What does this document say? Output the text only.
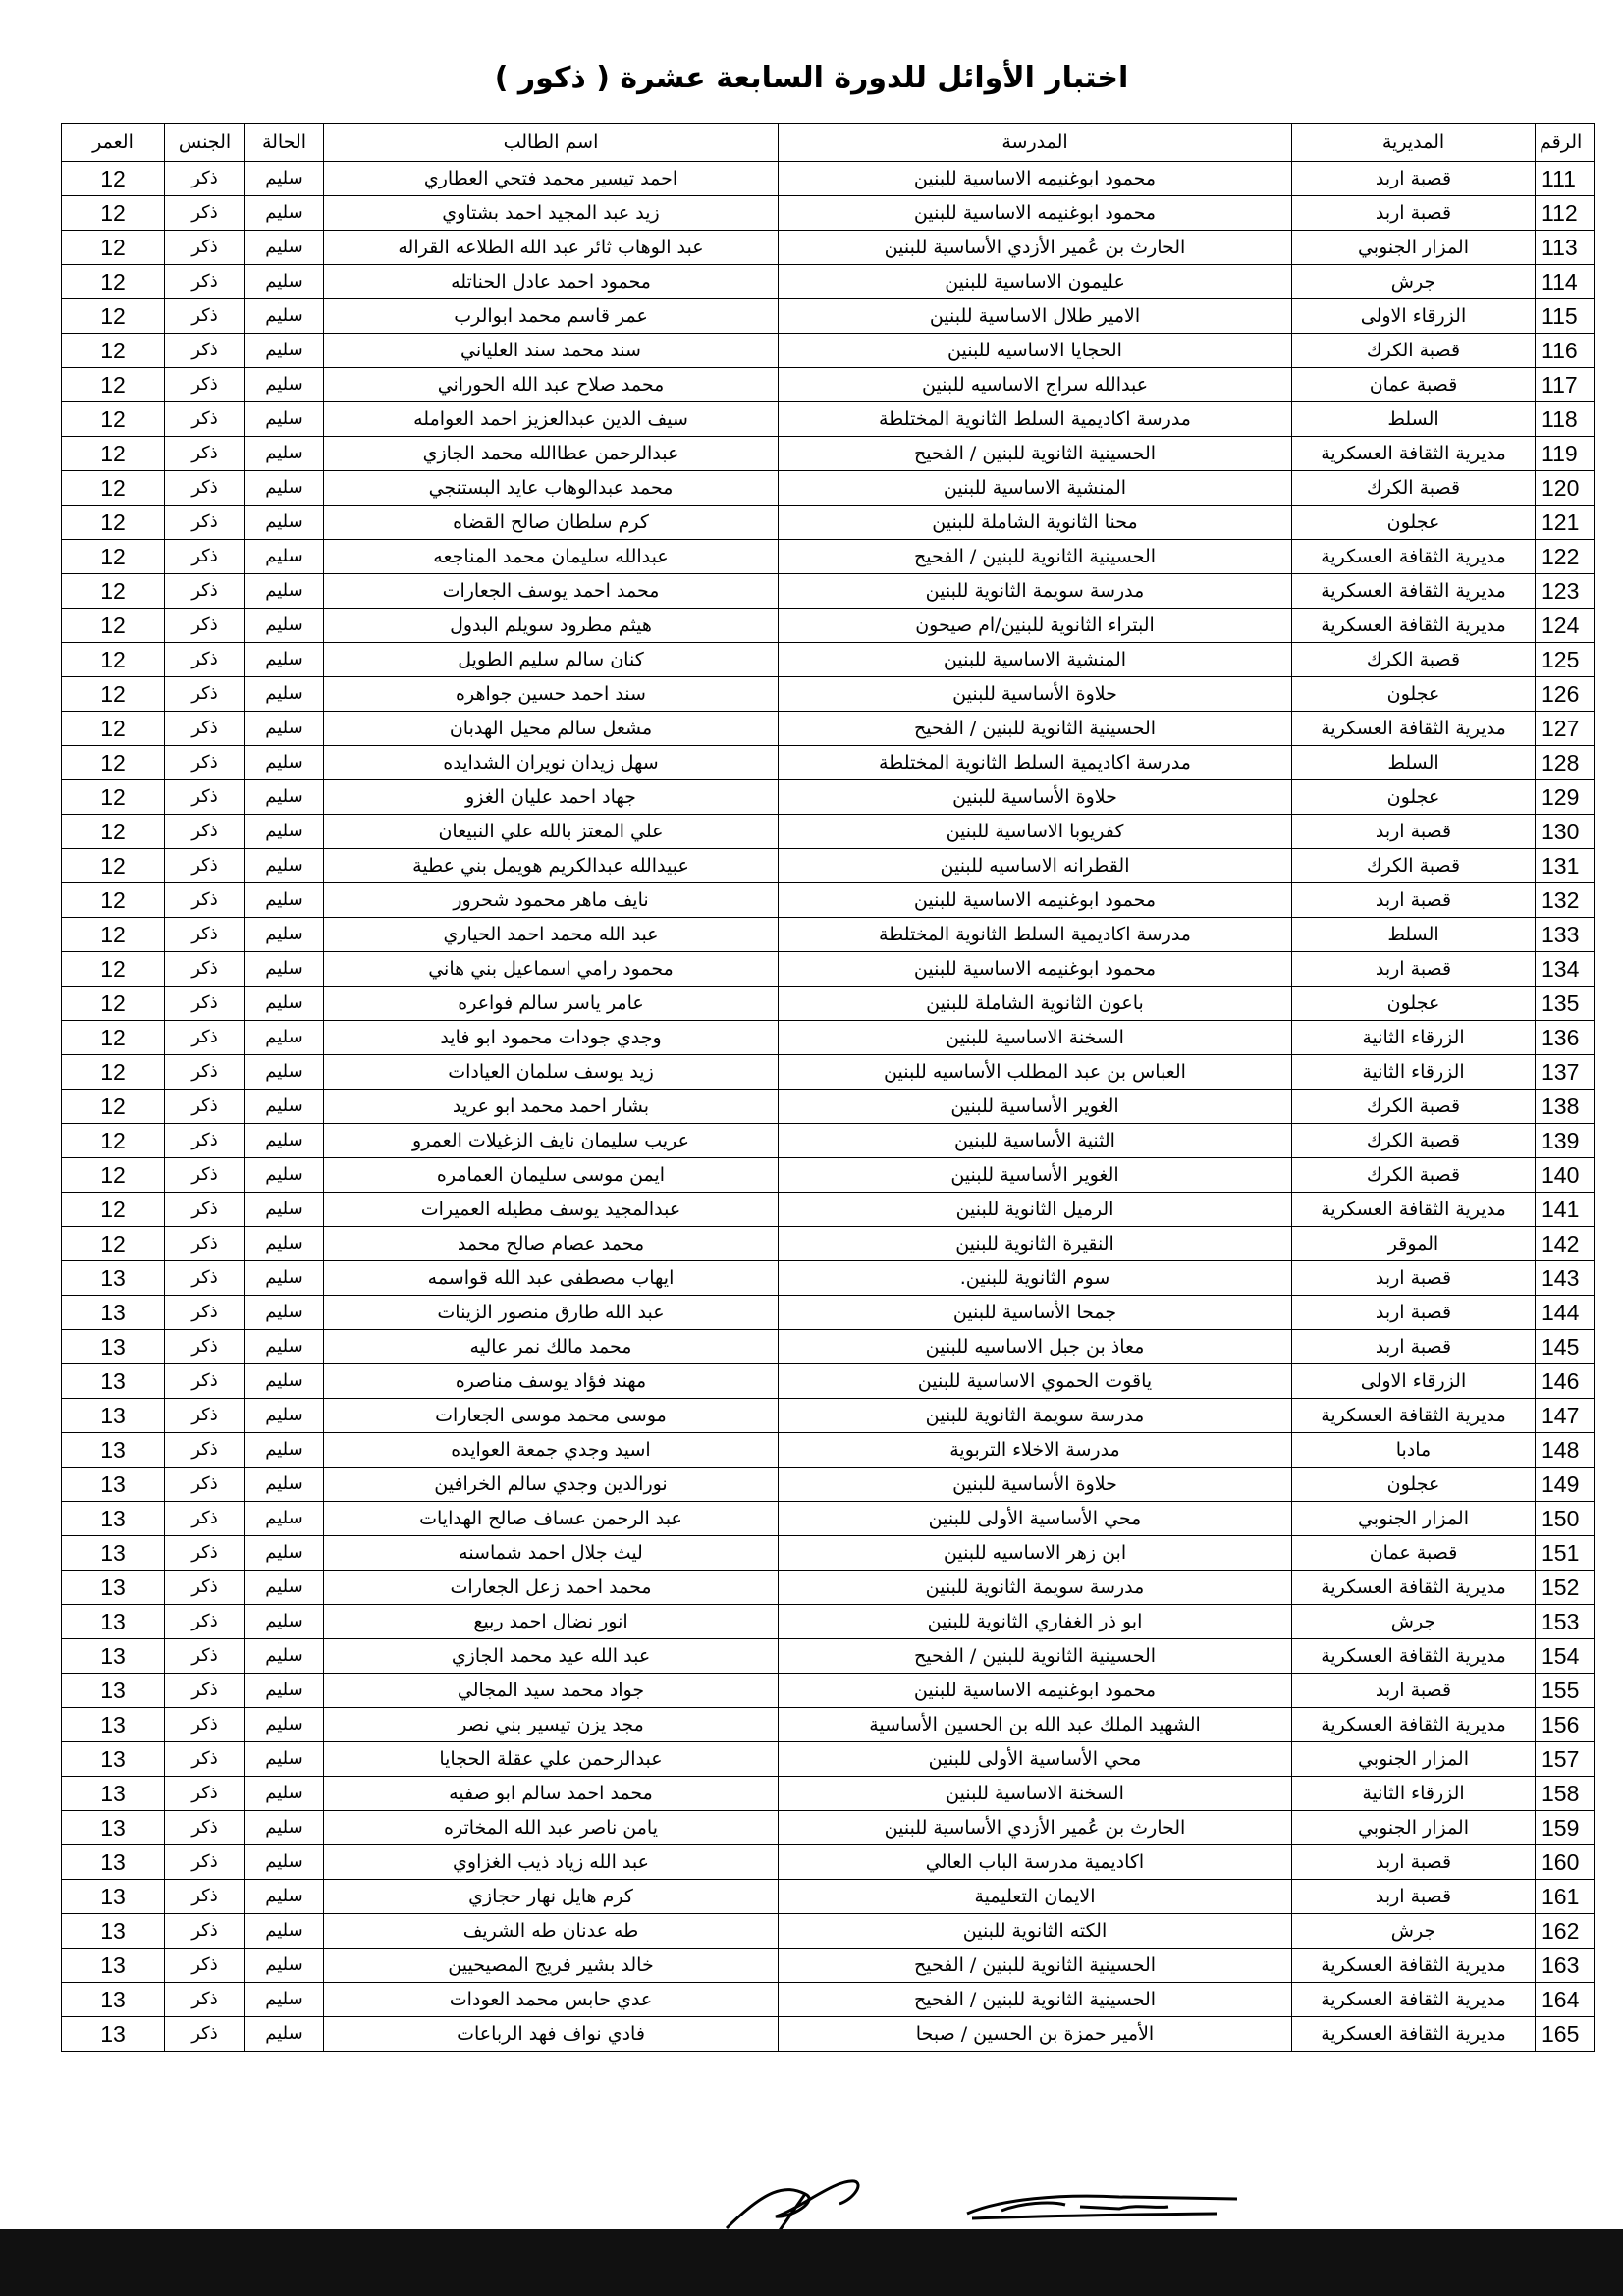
اختبار الأوائل للدورة السابعة عشرة ( ذكور )
الرقم	المديرية	المدرسة	اسم الطالب	الحالة	الجنس	العمر
111	قصبة اربد	محمود ابوغنيمه الاساسية للبنين	احمد تيسير محمد فتحي العطاري	سليم	ذكر	12
112	قصبة اربد	محمود ابوغنيمه الاساسية للبنين	زيد عبد المجيد احمد بشتاوي	سليم	ذكر	12
113	المزار الجنوبي	الحارث بن عُمير الأزدي الأساسية للبنين	عبد الوهاب ثائر عبد الله الطلاعه القراله	سليم	ذكر	12
114	جرش	عليمون الاساسية للبنين	محمود احمد عادل الحناتله	سليم	ذكر	12
115	الزرقاء الاولى	الامير طلال الاساسية للبنين	عمر قاسم محمد ابوالرب	سليم	ذكر	12
116	قصبة الكرك	الحجايا الاساسيه للبنين	سند محمد سند العلياني	سليم	ذكر	12
117	قصبة عمان	عبدالله سراج الاساسيه للبنين	محمد صلاح عبد الله الحوراني	سليم	ذكر	12
118	السلط	مدرسة اكاديمية السلط الثانوية المختلطة	سيف الدين عبدالعزيز احمد العوامله	سليم	ذكر	12
119	مديرية الثقافة العسكرية	الحسينية الثانوية للبنين / الفحيح	عبدالرحمن عطاالله محمد الجازي	سليم	ذكر	12
120	قصبة الكرك	المنشية الاساسية للبنين	محمد عبدالوهاب عايد البستنجي	سليم	ذكر	12
121	عجلون	محنا الثانوية الشاملة للبنين	كرم سلطان صالح القضاه	سليم	ذكر	12
122	مديرية الثقافة العسكرية	الحسينية الثانوية للبنين / الفحيح	عبدالله سليمان محمد المناجعه	سليم	ذكر	12
123	مديرية الثقافة العسكرية	مدرسة سويمة الثانوية للبنين	محمد احمد يوسف الجعارات	سليم	ذكر	12
124	مديرية الثقافة العسكرية	البتراء الثانوية للبنين/ام صيحون	هيثم مطرود سويلم البدول	سليم	ذكر	12
125	قصبة الكرك	المنشية الاساسية للبنين	كنان سالم سليم الطويل	سليم	ذكر	12
126	عجلون	حلاوة الأساسية للبنين	سند احمد حسين جواهره	سليم	ذكر	12
127	مديرية الثقافة العسكرية	الحسينية الثانوية للبنين / الفحيح	مشعل سالم محيل الهدبان	سليم	ذكر	12
128	السلط	مدرسة اكاديمية السلط الثانوية المختلطة	سهل زيدان نويران الشدايده	سليم	ذكر	12
129	عجلون	حلاوة الأساسية للبنين	جهاد احمد عليان الغزو	سليم	ذكر	12
130	قصبة اربد	كفريوبا الاساسية للبنين	علي المعتز بالله علي النبيعان	سليم	ذكر	12
131	قصبة الكرك	القطرانه الاساسيه للبنين	عبيدالله عبدالكريم هويمل بني عطية	سليم	ذكر	12
132	قصبة اربد	محمود ابوغنيمه الاساسية للبنين	نايف ماهر محمود شحرور	سليم	ذكر	12
133	السلط	مدرسة اكاديمية السلط الثانوية المختلطة	عبد الله محمد احمد الحياري	سليم	ذكر	12
134	قصبة اربد	محمود ابوغنيمه الاساسية للبنين	محمود رامي اسماعيل بني هاني	سليم	ذكر	12
135	عجلون	باعون الثانوية الشاملة للبنين	عامر ياسر سالم فواعره	سليم	ذكر	12
136	الزرقاء الثانية	السخنة الاساسية للبنين	وجدي جودات محمود ابو فايد	سليم	ذكر	12
137	الزرقاء الثانية	العباس بن عبد المطلب الأساسيه للبنين	زيد يوسف سلمان العيادات	سليم	ذكر	12
138	قصبة الكرك	الغوير الأساسية للبنين	بشار احمد محمد ابو عريد	سليم	ذكر	12
139	قصبة الكرك	الثنية الأساسية للبنين	عريب سليمان نايف الزغيلات العمرو	سليم	ذكر	12
140	قصبة الكرك	الغوير الأساسية للبنين	ايمن موسى سليمان العمامره	سليم	ذكر	12
141	مديرية الثقافة العسكرية	الرميل الثانوية للبنين	عبدالمجيد يوسف مطيله العميرات	سليم	ذكر	12
142	الموقر	النقيرة الثانوية للبنين	محمد عصام صالح محمد	سليم	ذكر	12
143	قصبة اربد	سوم الثانوية للبنين.	ايهاب مصطفى عبد الله قواسمه	سليم	ذكر	13
144	قصبة اربد	جمحا الأساسية للبنين	عبد الله طارق منصور الزينات	سليم	ذكر	13
145	قصبة اربد	معاذ بن جبل الاساسيه للبنين	محمد مالك نمر عاليه	سليم	ذكر	13
146	الزرقاء الاولى	ياقوت الحموي الاساسية للبنين	مهند فؤاد يوسف مناصره	سليم	ذكر	13
147	مديرية الثقافة العسكرية	مدرسة سويمة الثانوية للبنين	موسى محمد موسى الجعارات	سليم	ذكر	13
148	مادبا	مدرسة الاخلاء التربوية	اسيد وجدي جمعة العوايده	سليم	ذكر	13
149	عجلون	حلاوة الأساسية للبنين	نورالدين وجدي سالم الخرافين	سليم	ذكر	13
150	المزار الجنوبي	محي الأساسية الأولى للبنين	عبد الرحمن عساف صالح الهدايات	سليم	ذكر	13
151	قصبة عمان	ابن زهر الاساسيه للبنين	ليث جلال احمد شماسنه	سليم	ذكر	13
152	مديرية الثقافة العسكرية	مدرسة سويمة الثانوية للبنين	محمد احمد زعل الجعارات	سليم	ذكر	13
153	جرش	ابو ذر الغفاري الثانوية للبنين	انور نضال احمد ربيع	سليم	ذكر	13
154	مديرية الثقافة العسكرية	الحسينية الثانوية للبنين / الفحيح	عبد الله عيد محمد الجازي	سليم	ذكر	13
155	قصبة اربد	محمود ابوغنيمه الاساسية للبنين	جواد محمد سيد المجالي	سليم	ذكر	13
156	مديرية الثقافة العسكرية	الشهيد الملك عبد الله بن الحسين الأساسية	مجد يزن تيسير بني نصر	سليم	ذكر	13
157	المزار الجنوبي	محي الأساسية الأولى للبنين	عبدالرحمن علي عقلة الحجايا	سليم	ذكر	13
158	الزرقاء الثانية	السخنة الاساسية للبنين	محمد احمد سالم ابو صفيه	سليم	ذكر	13
159	المزار الجنوبي	الحارث بن عُمير الأزدي الأساسية للبنين	يامن ناصر عبد الله المخاتره	سليم	ذكر	13
160	قصبة اربد	اكاديمية مدرسة الباب العالي	عبد الله زياد ذيب الغزاوي	سليم	ذكر	13
161	قصبة اربد	الايمان التعليمية	كرم هايل نهار حجازي	سليم	ذكر	13
162	جرش	الكته الثانوية للبنين	طه عدنان طه الشريف	سليم	ذكر	13
163	مديرية الثقافة العسكرية	الحسينية الثانوية للبنين / الفحيح	خالد بشير فريج المصيحيين	سليم	ذكر	13
164	مديرية الثقافة العسكرية	الحسينية الثانوية للبنين / الفحيح	عدي حابس محمد العودات	سليم	ذكر	13
165	مديرية الثقافة العسكرية	الأمير حمزة بن الحسين / صبحا	فادي نواف فهد الرباعات	سليم	ذكر	13
